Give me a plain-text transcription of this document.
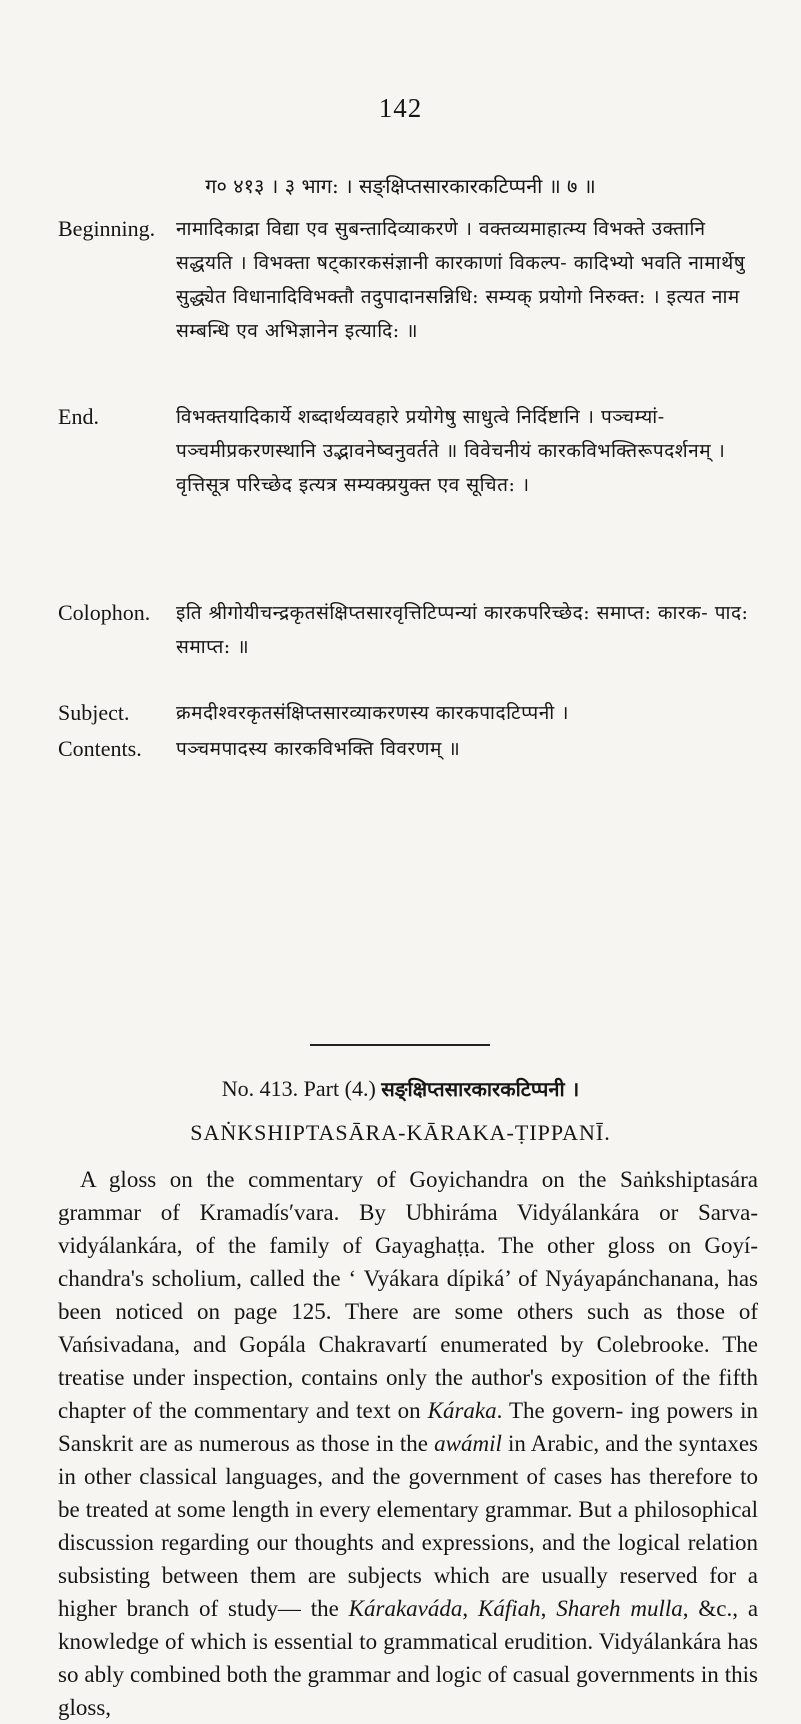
142
ग० ४१३ । ३ भाग: । सङ्क्षिप्तसारकारकटिप्पनी ॥ ७ ॥
Beginning. नामादिकाद्रा विद्या एव सुबन्तादिव्याकरणे । वक्तव्यमाहात्म्य विभक्ते उक्तानि सद्धयति । विभक्ता षट्कारकसंज्ञानी कारकाणां विकल्प- कादिभ्यो भवति नामार्थेषु सुद्ध्येत विधानादिविभक्तौ तदुपादानसन्निधि: सम्यक् प्रयोगो निरुक्त: । इत्यत नाम सम्बन्धि एव अभिज्ञानेन इत्यादि: ॥
End.	विभक्तयादिकार्ये शब्दार्थव्यवहारे प्रयोगेषु साधुत्वे निर्दिष्टानि । पञ्चम्यां- पञ्चमीप्रकरणस्थानि उद्भावनेष्वनुवर्तते ॥ विवेचनीयं कारकविभक्तिरूपदर्शनम् । वृत्तिसूत्र परिच्छेद इत्यत्र सम्यक्प्रयुक्त एव सूचित: ।
Colophon. इति श्रीगोयीचन्द्रकृतसंक्षिप्तसारवृत्तिटिप्पन्यां कारकपरिच्छेद: समाप्त: कारक- पाद: समाप्त: ॥
Subject. क्रमदीश्वरकृतसंक्षिप्तसारव्याकरणस्य कारकपादटिप्पनी ।
Contents. पञ्चमपादस्य कारकविभक्ति विवरणम् ॥
No. 413. Part (4.) सङ्क्षिप्तसारकारकटिप्पनी ।
SAṄKSHIPTASĀRA-KĀRAKA-ṬIPPANĪ.
A gloss on the commentary of Goyichandra on the Saṅkshiptasára grammar of Kramadís′vara. By Ubhiráma Vidyálankára or Sarva- vidyálankára, of the family of Gayaghaṭṭa. The other gloss on Goyí- chandra's scholium, called the ‘ Vyákara dípiká’ of Nyáyapánchanana, has been noticed on page 125. There are some others such as those of Vańsivadana, and Gopála Chakravartí enumerated by Colebrooke. The treatise under inspection, contains only the author's exposition of the fifth chapter of the commentary and text on Káraka. The govern- ing powers in Sanskrit are as numerous as those in the awámil in Arabic, and the syntaxes in other classical languages, and the government of cases has therefore to be treated at some length in every elementary grammar. But a philosophical discussion regarding our thoughts and expressions, and the logical relation subsisting between them are subjects which are usually reserved for a higher branch of study— the Kárakaváda, Káfiah, Shareh mulla, &c., a knowledge of which is essential to grammatical erudition. Vidyálankára has so ably combined both the grammar and logic of casual governments in this gloss,
